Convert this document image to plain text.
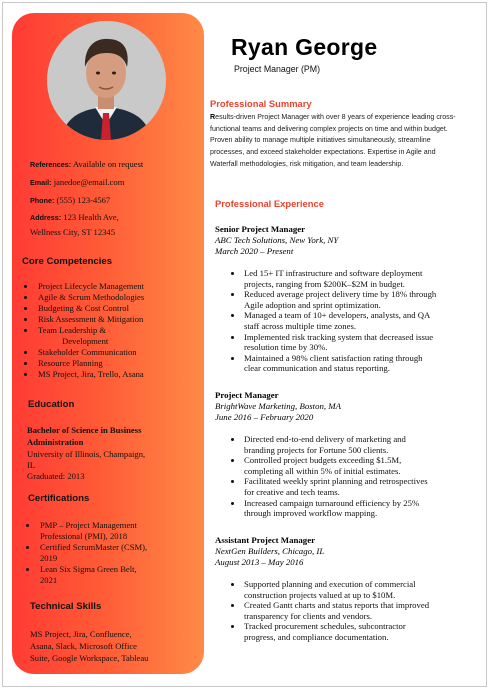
References: Available on request
Email: janedoe@email.com
Phone: (555) 123-4567
Address: 123 Health Ave,
Wellness City, ST 12345
Core Competencies
Project Lifecycle Management
Agile & Scrum Methodologies
Budgeting & Cost Control
Risk Assessment & Mitigation
Team Leadership &
Development
Stakeholder Communication
Resource Planning
MS Project, Jira, Trello, Asana
Education
Bachelor of Science in Business
Administration
University of Illinois, Champaign,
IL
Graduated: 2013
Certifications
PMP – Project Management
Professional (PMI), 2018
Certified ScrumMaster (CSM),
2019
Lean Six Sigma Green Belt,
2021
Technical Skills
MS Project, Jira, Confluence,
Asana, Slack, Microsoft Office
Suite, Google Workspace, Tableau
Ryan George
Project Manager (PM)
Professional Summary
Results-driven Project Manager with over 8 years of experience leading cross-functional teams and delivering complex projects on time and within budget. Proven ability to manage multiple initiatives simultaneously, streamline processes, and exceed stakeholder expectations. Expertise in Agile and Waterfall methodologies, risk mitigation, and team leadership.
Professional Experience
Senior Project Manager
ABC Tech Solutions, New York, NY
March 2020 – Present
Led 15+ IT infrastructure and software deployment
projects, ranging from $200K–$2M in budget.
Reduced average project delivery time by 18% through
Agile adoption and sprint optimization.
Managed a team of 10+ developers, analysts, and QA
staff across multiple time zones.
Implemented risk tracking system that decreased issue
resolution time by 30%.
Maintained a 98% client satisfaction rating through
clear communication and status reporting.
Project Manager
BrightWave Marketing, Boston, MA
June 2016 – February 2020
Directed end-to-end delivery of marketing and
branding projects for Fortune 500 clients.
Controlled project budgets exceeding $1.5M,
completing all within 5% of initial estimates.
Facilitated weekly sprint planning and retrospectives
for creative and tech teams.
Increased campaign turnaround efficiency by 25%
through improved workflow mapping.
Assistant Project Manager
NextGen Builders, Chicago, IL
August 2013 – May 2016
Supported planning and execution of commercial
construction projects valued at up to $10M.
Created Gantt charts and status reports that improved
transparency for clients and vendors.
Tracked procurement schedules, subcontractor
progress, and compliance documentation.
